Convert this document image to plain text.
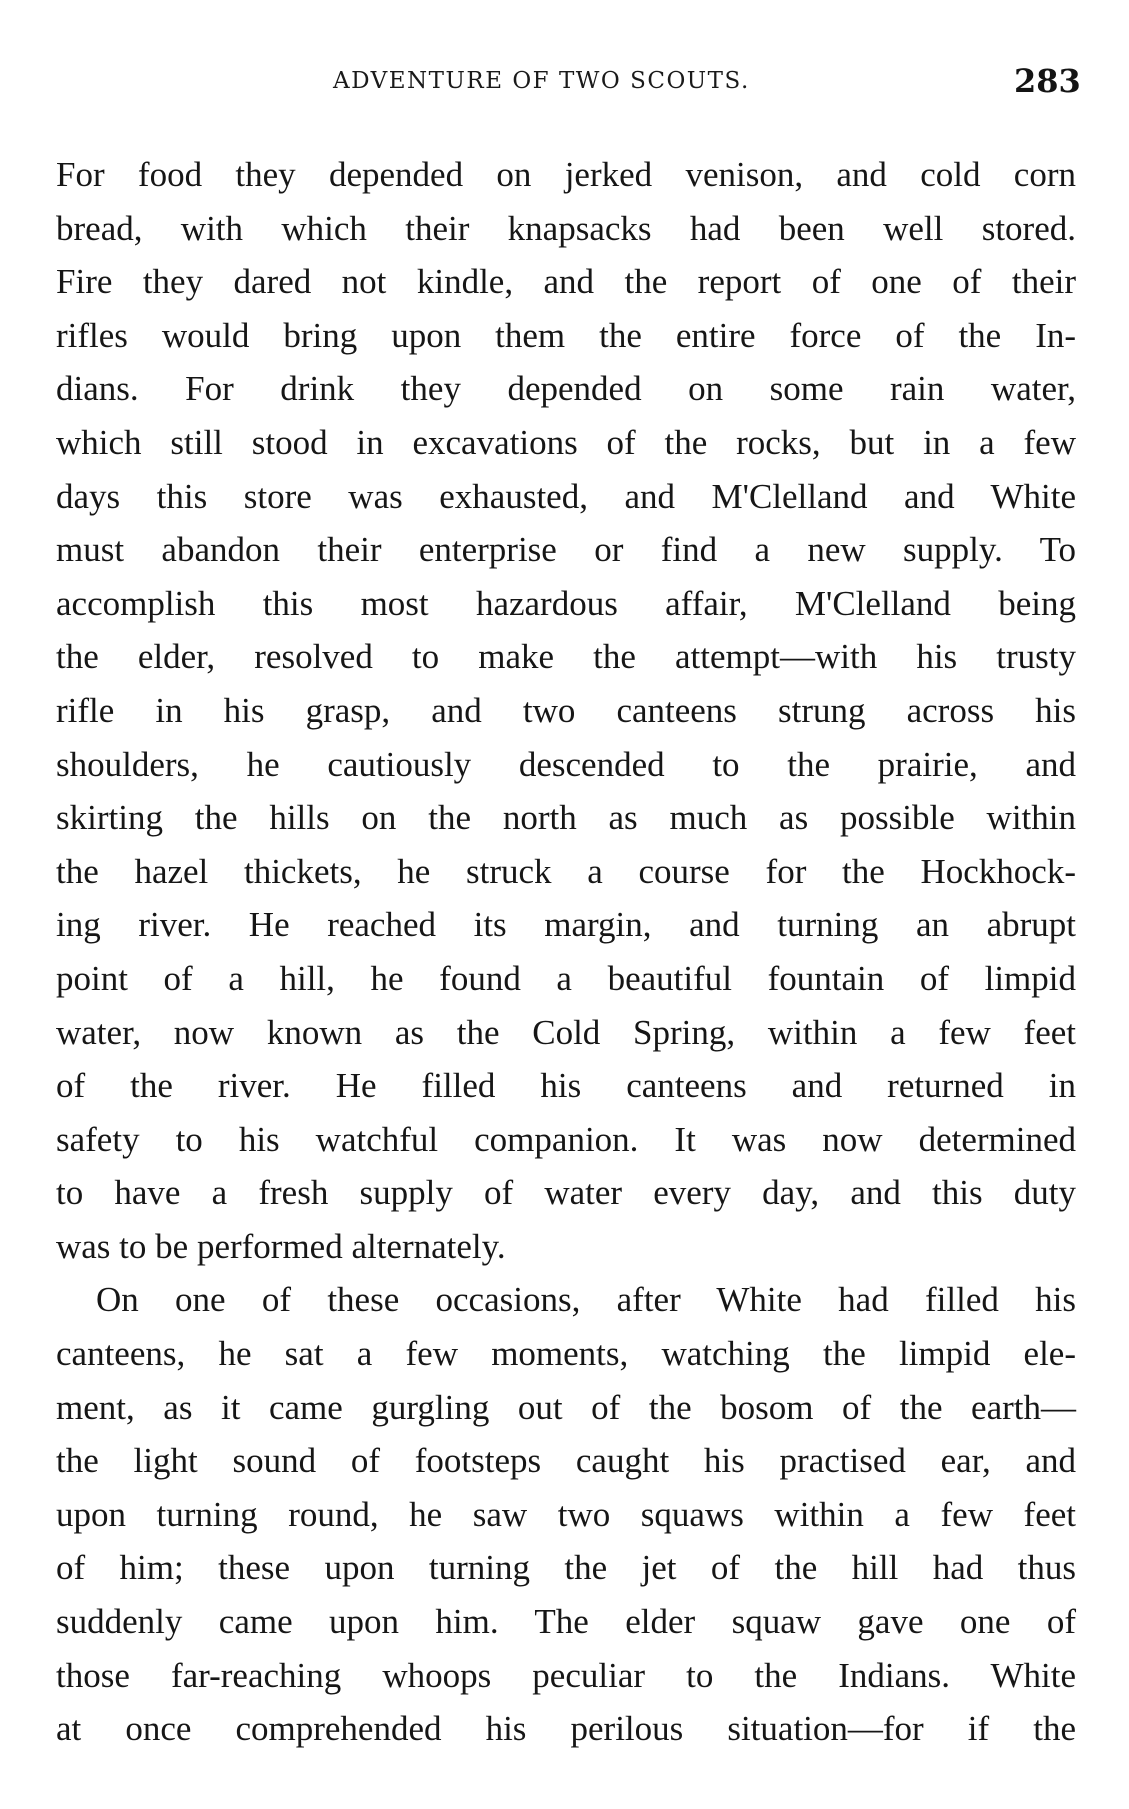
ADVENTURE OF TWO SCOUTS.	283
For food they depended on jerked venison, and cold corn
bread, with which their knapsacks had been well stored.
Fire they dared not kindle, and the report of one of their
rifles would bring upon them the entire force of the In-
dians. For drink they depended on some rain water,
which still stood in excavations of the rocks, but in a few
days this store was exhausted, and M'Clelland and White
must abandon their enterprise or find a new supply. To
accomplish this most hazardous affair, M'Clelland being
the elder, resolved to make the attempt—with his trusty
rifle in his grasp, and two canteens strung across his
shoulders, he cautiously descended to the prairie, and
skirting the hills on the north as much as possible within
the hazel thickets, he struck a course for the Hockhock-
ing river. He reached its margin, and turning an abrupt
point of a hill, he found a beautiful fountain of limpid
water, now known as the Cold Spring, within a few feet
of the river. He filled his canteens and returned in
safety to his watchful companion. It was now determined
to have a fresh supply of water every day, and this duty
was to be performed alternately.
On one of these occasions, after White had filled his
canteens, he sat a few moments, watching the limpid ele-
ment, as it came gurgling out of the bosom of the earth—
the light sound of footsteps caught his practised ear, and
upon turning round, he saw two squaws within a few feet
of him; these upon turning the jet of the hill had thus
suddenly came upon him. The elder squaw gave one of
those far-reaching whoops peculiar to the Indians. White
at once comprehended his perilous situation—for if the
